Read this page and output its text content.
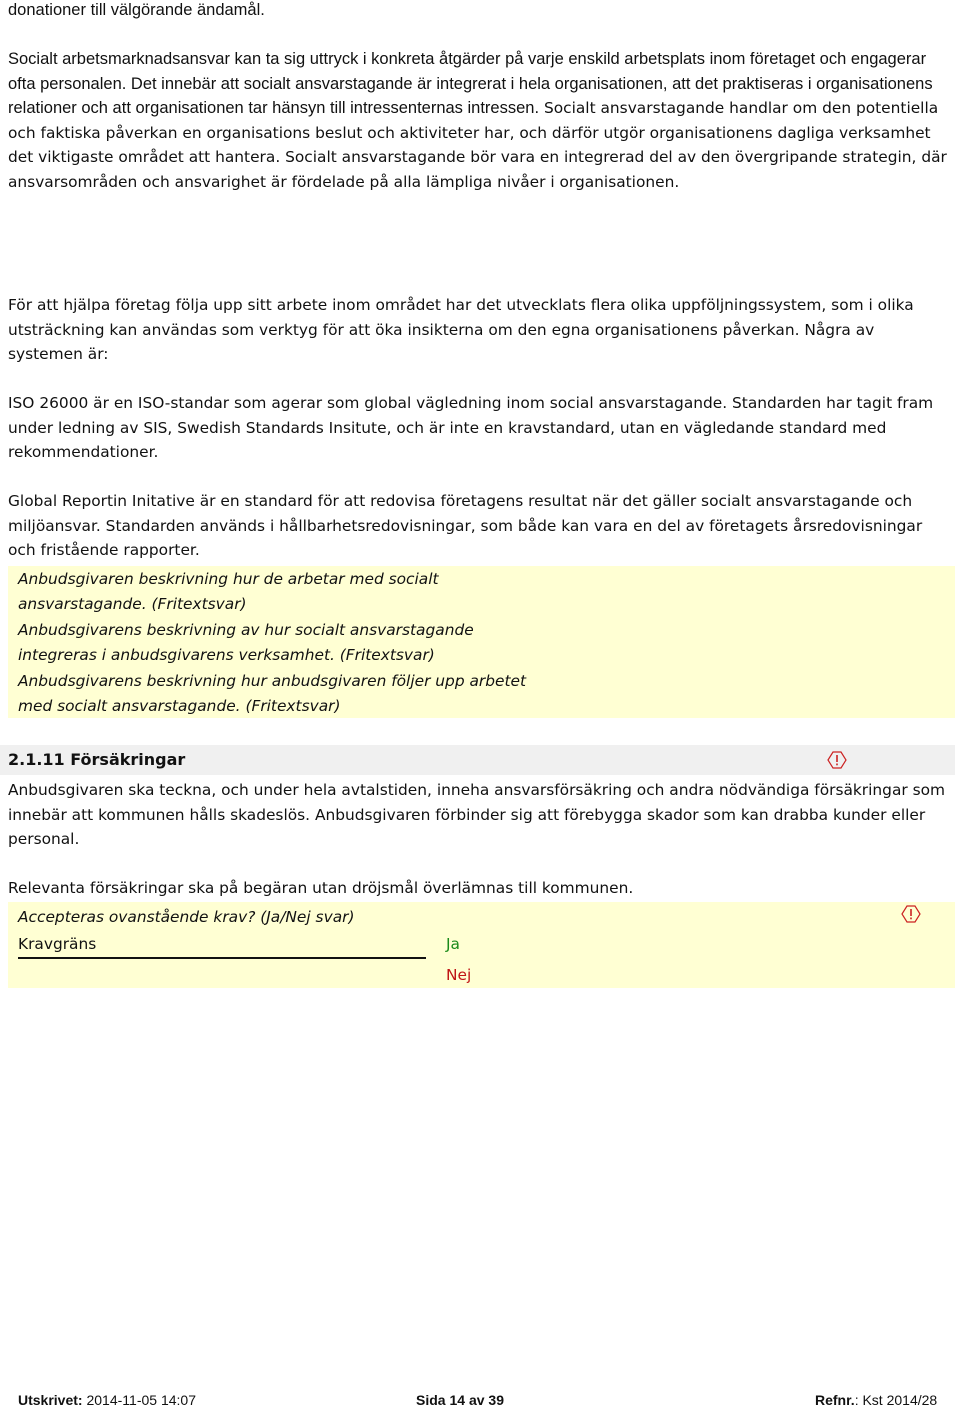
donationer till välgörande ändamål.

Socialt arbetsmarknadsansvar kan ta sig uttryck i konkreta åtgärder på varje enskild arbetsplats inom företaget och engagerar ofta personalen. Det innebär att socialt ansvarstagande är integrerat i hela organisationen, att det praktiseras i organisationens relationer och att organisationen tar hänsyn till intressenternas intressen. Socialt ansvarstagande handlar om den potentiella och faktiska påverkan en organisations beslut och aktiviteter har, och därför utgör organisationens dagliga verksamhet det viktigaste området att hantera. Socialt ansvarstagande bör vara en integrerad del av den övergripande strategin, där ansvarsområden och ansvarighet är fördelade på alla lämpliga nivåer i organisationen.

För att hjälpa företag följa upp sitt arbete inom området har det utvecklats flera olika uppföljningssystem, som i olika utsträckning kan användas som verktyg för att öka insikterna om den egna organisationens påverkan. Några av systemen är:

ISO 26000 är en ISO-standar som agerar som global vägledning inom social ansvarstagande. Standarden har tagit fram under ledning av SIS, Swedish Standards Insitute, och är inte en kravstandard, utan en vägledande standard med rekommendationer.

Global Reportin Initative är en standard för att redovisa företagens resultat när det gäller socialt ansvarstagande och miljöansvar. Standarden används i hållbarhetsredovisningar, som både kan vara en del av företagets årsredovisningar och fristående rapporter.

Anbudsgivaren beskrivning hur de arbetar med socialt ansvarstagande. (Fritextsvar)

Anbudsgivarens beskrivning av hur socialt ansvarstagande integreras i anbudsgivarens verksamhet. (Fritextsvar)

Anbudsgivarens beskrivning hur anbudsgivaren följer upp arbetet med socialt ansvarstagande. (Fritextsvar)

2.1.11 Försäkringar

Anbudsgivaren ska teckna, och under hela avtalstiden, inneha ansvarsförsäkring och andra nödvändiga försäkringar som innebär att kommunen hålls skadeslös. Anbudsgivaren förbinder sig att förebygga skador som kan drabba kunder eller personal.

Relevanta försäkringar ska på begäran utan dröjsmål överlämnas till kommunen.

Accepteras ovanstående krav? (Ja/Nej svar)

Kravgräns	Ja
Nej
Utskrivet: 2014-11-05 14:07	Sida 14 av 39	Refnr.: Kst 2014/28
